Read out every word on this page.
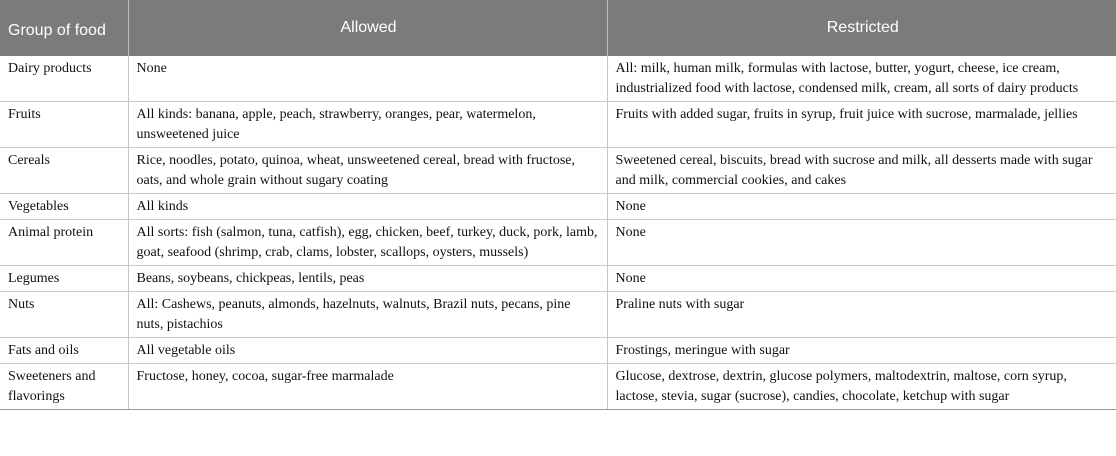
Group of food	Allowed	Restricted
Dairy products	None	All: milk, human milk, formulas with lactose, butter, yogurt, cheese, ice cream, industrialized food with lactose, condensed milk, cream, all sorts of dairy products
Fruits	All kinds: banana, apple, peach, strawberry, oranges, pear, watermelon, unsweetened juice	Fruits with added sugar, fruits in syrup, fruit juice with sucrose, marmalade, jellies
Cereals	Rice, noodles, potato, quinoa, wheat, unsweetened cereal, bread with fructose, oats, and whole grain without sugary coating	Sweetened cereal, biscuits, bread with sucrose and milk, all desserts made with sugar and milk, commercial cookies, and cakes
Vegetables	All kinds	None
Animal protein	All sorts: fish (salmon, tuna, catfish), egg, chicken, beef, turkey, duck, pork, lamb, goat, seafood (shrimp, crab, clams, lobster, scallops, oysters, mussels)	None
Legumes	Beans, soybeans, chickpeas, lentils, peas	None
Nuts	All: Cashews, peanuts, almonds, hazelnuts, walnuts, Brazil nuts, pecans, pine nuts, pistachios	Praline nuts with sugar
Fats and oils	All vegetable oils	Frostings, meringue with sugar
Sweeteners and flavorings	Fructose, honey, cocoa, sugar-free marmalade	Glucose, dextrose, dextrin, glucose polymers, maltodextrin, maltose, corn syrup, lactose, stevia, sugar (sucrose), candies, chocolate, ketchup with sugar
